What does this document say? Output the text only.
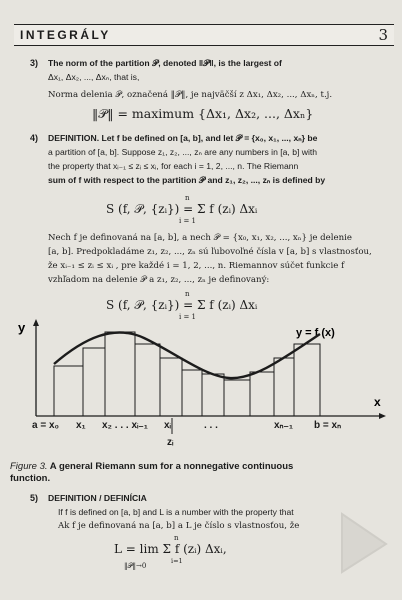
INTEGRÁLY	3
3) The norm of the partition 𝒫, denoted ‖𝒫‖, is the largest of
Δx₁, Δx₂, ..., Δxₙ, that is,
Norma delenia 𝒫, označená ‖𝒫‖, je najväčší z Δx₁, Δx₂, ..., Δxₙ, t.j.
‖𝒫‖ = maximum {Δx₁, Δx₂, ..., Δxₙ}
4) DEFINITION. Let f be defined on [a, b], and let 𝒫 = {x₀, x₁, ..., xₙ} be
a partition of [a, b]. Suppose z₁, z₂, ..., zₙ are any numbers in [a, b] with
the property that xᵢ₋₁ ≤ zᵢ ≤ xᵢ, for each i = 1, 2, ..., n. The Riemann
sum of f with respect to the partition 𝒫 and z₁, z₂, ..., zₙ is defined by
n
S (f, 𝒫, {zᵢ}) = Σ f (zᵢ) Δxᵢ
i = 1
Nech f je definovaná na [a, b], a nech 𝒫 = {x₀, x₁, x₂, ..., xₙ} je delenie
[a, b]. Predpokladáme z₁, z₂, ..., zₙ sú ľubovoľné čísla v [a, b] s vlastnosťou,
že xᵢ₋₁ ≤ zᵢ ≤ xᵢ , pre každé i = 1, 2, ..., n. Riemannov súčet funkcie f
vzhľadom na delenie 𝒫 a z₁, z₂, ..., zₙ je definovaný:
n
S (f, 𝒫, {zᵢ}) = Σ f (zᵢ) Δxᵢ
i = 1
y
x
y = f (x)
a = x₀ x₁ x₂ . . . xᵢ₋₁ xᵢ	. . .	xₙ₋₁ b = xₙ
zᵢ
Figure 3. A general Riemann sum for a nonnegative continuous
function.
5) DEFINITION / DEFINÍCIA
If f is defined on [a, b] and L is a number with the property that
Ak f je definovaná na [a, b] a L je číslo s vlastnosťou, že
n
L = lim Σ f (zᵢ) Δxᵢ,
i=1
‖𝒫‖→0
